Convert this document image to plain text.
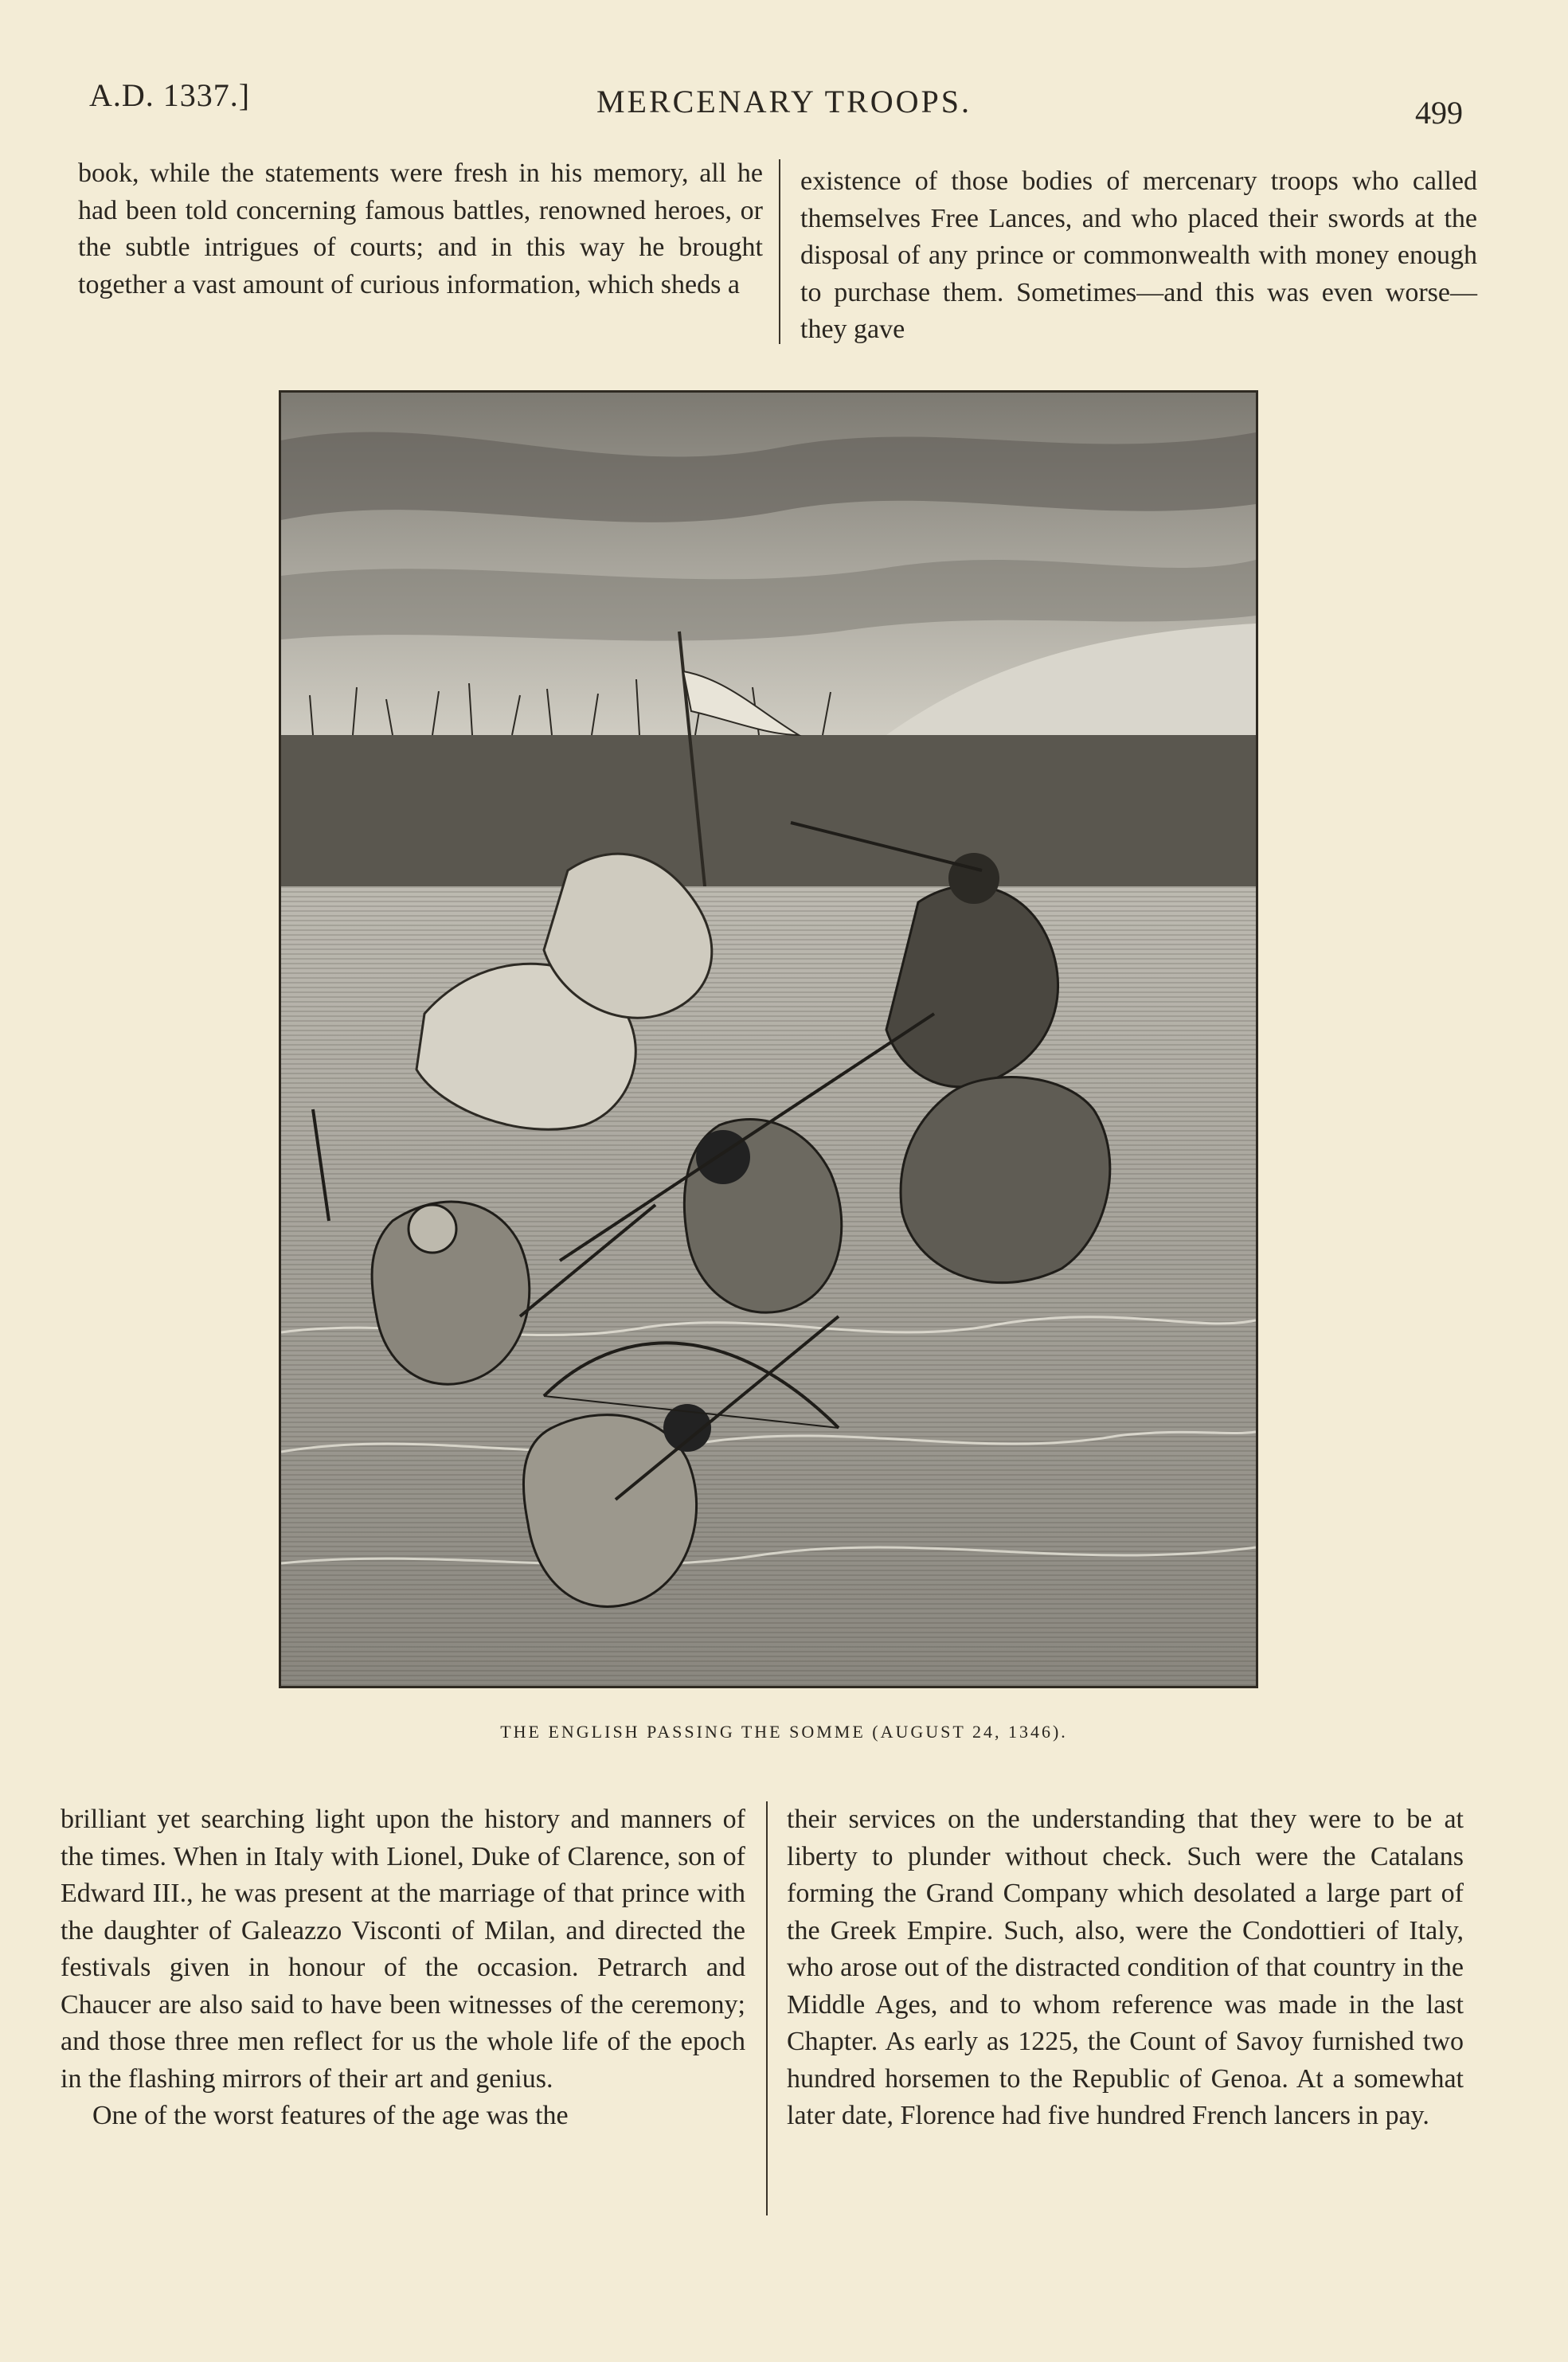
A.D. 1337.]	MERCENARY TROOPS.	499

book, while the statements were fresh in his memory, all he had been told concerning famous battles, renowned heroes, or the subtle intrigues of courts; and in this way he brought together a vast amount of curious information, which sheds a

existence of those bodies of mercenary troops who called themselves Free Lances, and who placed their swords at the disposal of any prince or commonwealth with money enough to purchase them. Sometimes—and this was even worse—they gave

THE ENGLISH PASSING THE SOMME (AUGUST 24, 1346).

brilliant yet searching light upon the history and manners of the times. When in Italy with Lionel, Duke of Clarence, son of Edward III., he was present at the marriage of that prince with the daughter of Galeazzo Visconti of Milan, and directed the festivals given in honour of the occasion. Petrarch and Chaucer are also said to have been witnesses of the ceremony; and those three men reflect for us the whole life of the epoch in the flashing mirrors of their art and genius.

One of the worst features of the age was the

their services on the understanding that they were to be at liberty to plunder without check. Such were the Catalans forming the Grand Company which desolated a large part of the Greek Empire. Such, also, were the Condottieri of Italy, who arose out of the distracted condition of that country in the Middle Ages, and to whom reference was made in the last Chapter. As early as 1225, the Count of Savoy furnished two hundred horsemen to the Republic of Genoa. At a somewhat later date, Florence had five hundred French lancers in pay.
